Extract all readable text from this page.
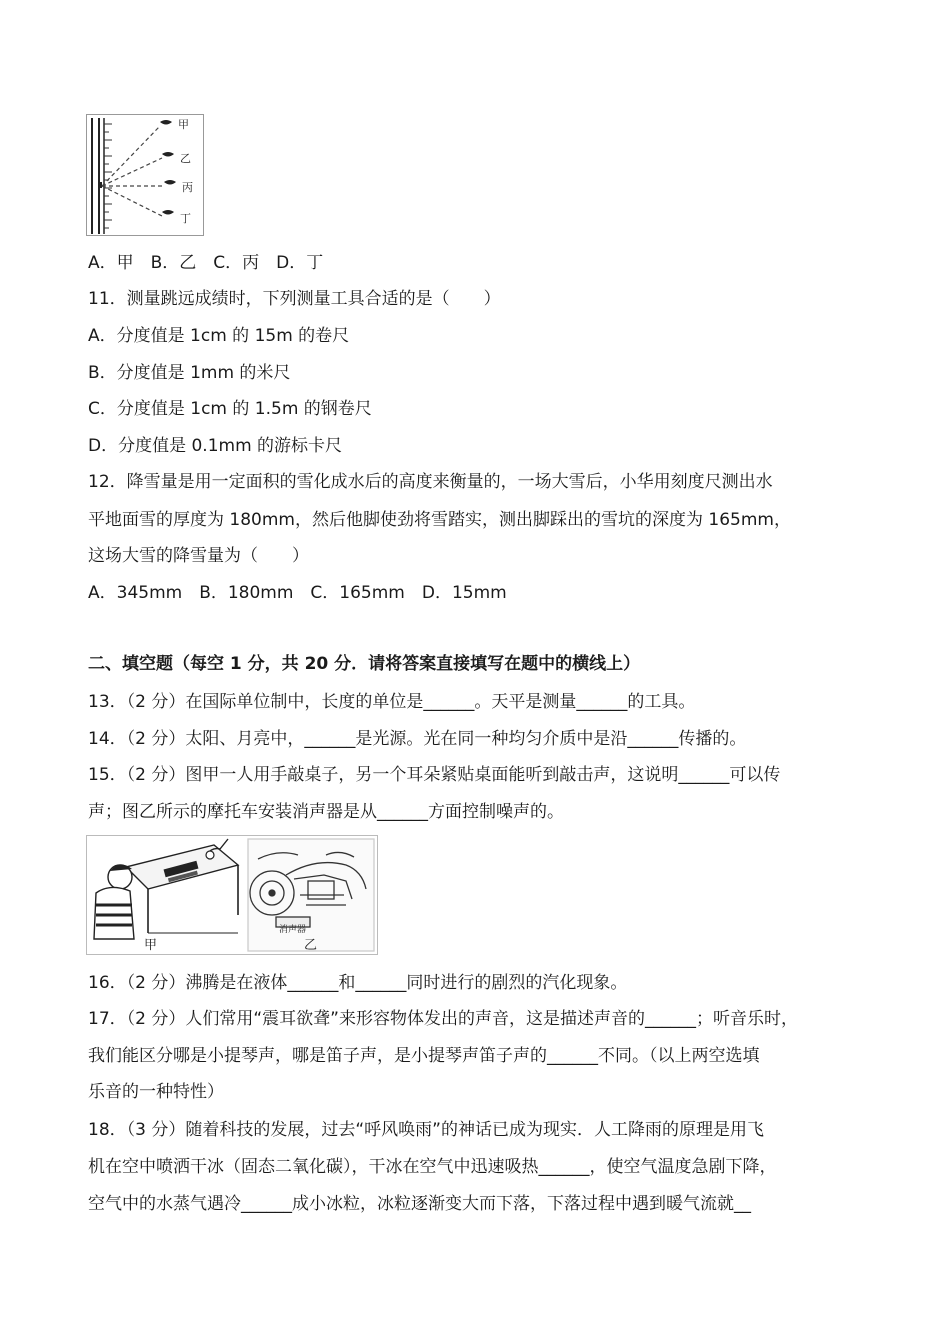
甲
乙
丙
丁
A．甲　B．乙　C．丙　D．丁
11．测量跳远成绩时，下列测量工具合适的是（　　）
A．分度值是 1cm 的 15m 的卷尺
B．分度值是 1mm 的米尺
C．分度值是 1cm 的 1.5m 的钢卷尺
D．分度值是 0.1mm 的游标卡尺
12．降雪量是用一定面积的雪化成水后的高度来衡量的，一场大雪后，小华用刻度尺测出水
平地面雪的厚度为 180mm，然后他脚使劲将雪踏实，测出脚踩出的雪坑的深度为 165mm，
这场大雪的降雪量为（　　）
A．345mm　B．180mm　C．165mm　D．15mm
二、填空题（每空 1 分，共 20 分．请将答案直接填写在题中的横线上）
13．（2 分）在国际单位制中，长度的单位是______。天平是测量______的工具。
14．（2 分）太阳、月亮中，______是光源。光在同一种均匀介质中是沿______传播的。
15．（2 分）图甲一人用手敲桌子，另一个耳朵紧贴桌面能听到敲击声，这说明______可以传
声；图乙所示的摩托车安装消声器是从______方面控制噪声的。
甲
消声器
乙
16．（2 分）沸腾是在液体______和______同时进行的剧烈的汽化现象。
17．（2 分）人们常用“震耳欲聋”来形容物体发出的声音，这是描述声音的______；听音乐时，
我们能区分哪是小提琴声，哪是笛子声，是小提琴声笛子声的______不同。（以上两空选填
乐音的一种特性）
18．（3 分）随着科技的发展，过去“呼风唤雨”的神话已成为现实．人工降雨的原理是用飞
机在空中喷洒干冰（固态二氧化碳），干冰在空气中迅速吸热______，使空气温度急剧下降，
空气中的水蒸气遇冷______成小冰粒，冰粒逐渐变大而下落，下落过程中遇到暖气流就__
